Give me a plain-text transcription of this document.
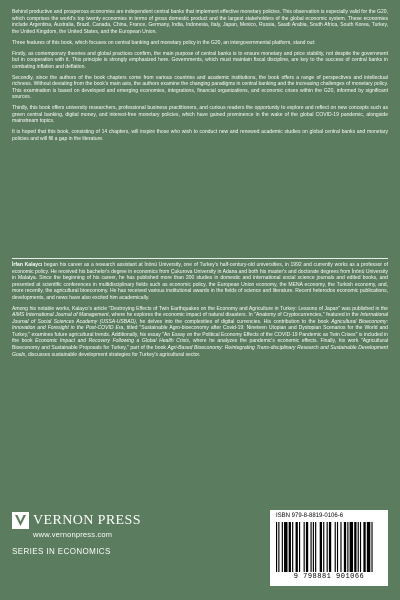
Behind productive and prosperous economies are independent central banks that implement effective monetary policies. This observation is especially valid for the G20, which comprises the world's top twenty economies in terms of gross domestic product and the largest stakeholders of the global economic system. These economies include Argentina, Australia, Brazil, Canada, China, France, Germany, India, Indonesia, Italy, Japan, Mexico, Russia, Saudi Arabia, South Africa, South Korea, Turkey, the United Kingdom, the United States, and the European Union.

Three features of this book, which focuses on central banking and monetary policy in the G20, an intergovernmental platform, stand out:

Firstly, as contemporary theories and global practices confirm, the main purpose of central banks is to ensure monetary and price stability, not despite the government but in cooperation with it. This principle is strongly emphasized here. Governments, which must maintain fiscal discipline, are key to the success of central banks in combating inflation and deflation.

Secondly, since the authors of the book chapters come from various countries and academic institutions, the book offers a range of perspectives and intellectual richness. Without deviating from the book's main axis, the authors examine the changing paradigms in central banking and the increasing challenges of monetary policy. This examination is based on developed and emerging economies, integrations, financial organizations, and economic crises within the G20, informed by significant sources.

Thirdly, this book offers university researchers, professional business practitioners, and curious readers the opportunity to explore and reflect on new concepts such as green central banking, digital money, and interest-free monetary policies, which have gained prominence in the wake of the global COVID-19 pandemic, alongside mainstream topics.

It is hoped that this book, consisting of 14 chapters, will inspire those who wish to conduct new and renewed academic studies on global central banks and monetary policies and will fill a gap in the literature.

İrfan Kalaycı began his career as a research assistant at İnönü University, one of Turkey's half-century-old universities, in 1992 and currently works as a professor of economic policy. He received his bachelor's degree in economics from Çukurova University in Adana and both his master's and doctorate degrees from İnönü University in Malatya. Since the beginning of his career, he has published more than 200 studies in domestic and international social science journals and edited books, and presented at scientific conferences in multidisciplinary fields such as economic policy, the European Union economy, the MENA economy, the Turkish economy, and, more recently, the agricultural bioeconomy. He has received various institutional awards in the fields of science and literature. Recent heterodox economic publications, developments, and news have also excited him academically.

Among his notable works, Kalaycı's article "Destroying Effects of Twin Earthquakes on the Economy and Agriculture in Turkey: Lessons of Japan" was published in the AIMS International Journal of Management, where he explores the economic impact of natural disasters. In "Anatomy of Cryptocurrencies," featured in the International Journal of Social Sciences Academy (USSA-USBAD), he delves into the complexities of digital currencies. His contribution to the book Agricultural Bioeconomy: Innovation and Foresight in the Post-COVID Era, titled "Sustainable Agro-bioeconomy after Covid-19: Nineteen Utopian and Dystopian Scenarios for the World and Turkey," examines future agricultural trends. Additionally, his essay "An Essay on the Political Economy Effects of the COVID-19 Pandemic as Twin Crises" is included in the book Economic Impact and Recovery Following a Global Health Crisis, where he analyzes the pandemic's economic effects. Finally, his work "Agricultural Bioeconomy and Sustainable Proposals for Turkey," part of the book Agri-Based Bioeconomy: Reintegrating Trans-disciplinary Research and Sustainable Development Goals, discusses sustainable development strategies for Turkey's agricultural sector.

VERNON PRESS
www.vernonpress.com
SERIES IN ECONOMICS
ISBN 979-8-8819-0106-6
9 798881 901066
